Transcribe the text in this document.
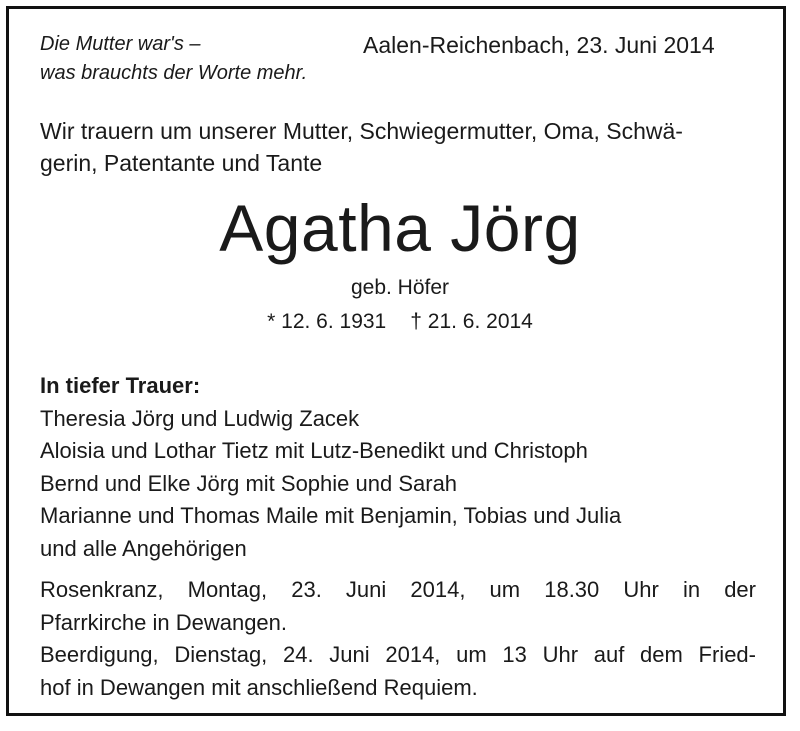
Die Mutter war's –
was brauchts der Worte mehr.
Aalen-Reichenbach, 23. Juni 2014
Wir trauern um unserer Mutter, Schwiegermutter, Oma, Schwä-
gerin, Patentante und Tante
Agatha Jörg
geb. Höfer
* 12. 6. 1931 † 21. 6. 2014
In tiefer Trauer:
Theresia Jörg und Ludwig Zacek
Aloisia und Lothar Tietz mit Lutz-Benedikt und Christoph
Bernd und Elke Jörg mit Sophie und Sarah
Marianne und Thomas Maile mit Benjamin, Tobias und Julia
und alle Angehörigen
Rosenkranz, Montag, 23. Juni 2014, um 18.30 Uhr in der
Pfarrkirche in Dewangen.
Beerdigung, Dienstag, 24. Juni 2014, um 13 Uhr auf dem Fried-
hof in Dewangen mit anschließend Requiem.
